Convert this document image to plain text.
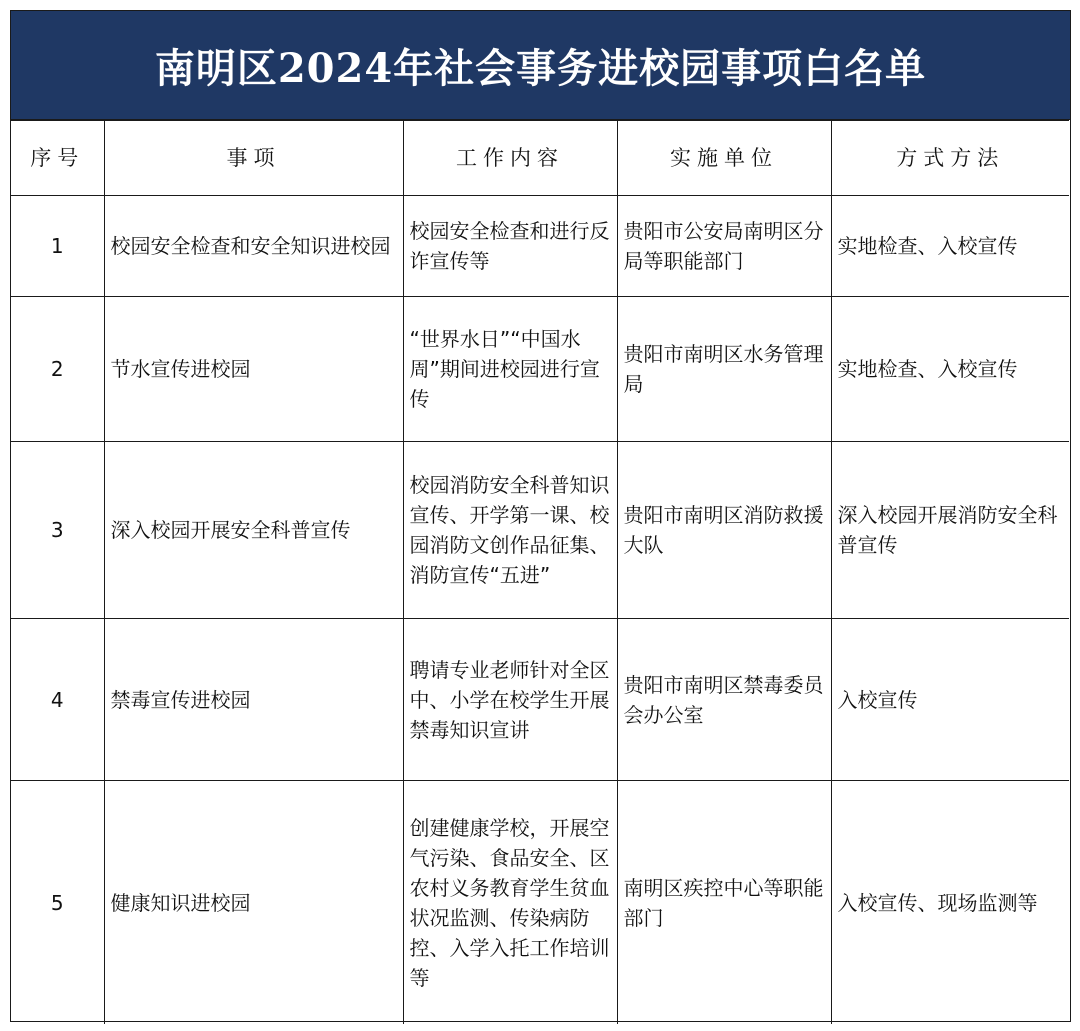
南明区2024年社会事务进校园事项白名单
序号	事项	工作内容	实施单位	方式方法
1	校园安全检查和安全知识进校园	校园安全检查和进行反诈宣传等	贵阳市公安局南明区分局等职能部门	实地检查、入校宣传
2	节水宣传进校园	“世界水日”“中国水周”期间进校园进行宣传	贵阳市南明区水务管理局	实地检查、入校宣传
3	深入校园开展安全科普宣传	校园消防安全科普知识宣传、开学第一课、校园消防文创作品征集、消防宣传“五进”	贵阳市南明区消防救援大队	深入校园开展消防安全科普宣传
4	禁毒宣传进校园	聘请专业老师针对全区中、小学在校学生开展禁毒知识宣讲	贵阳市南明区禁毒委员会办公室	入校宣传
5	健康知识进校园	创建健康学校，开展空气污染、食品安全、区农村义务教育学生贫血状况监测、传染病防控、入学入托工作培训等	南明区疾控中心等职能部门	入校宣传、现场监测等
